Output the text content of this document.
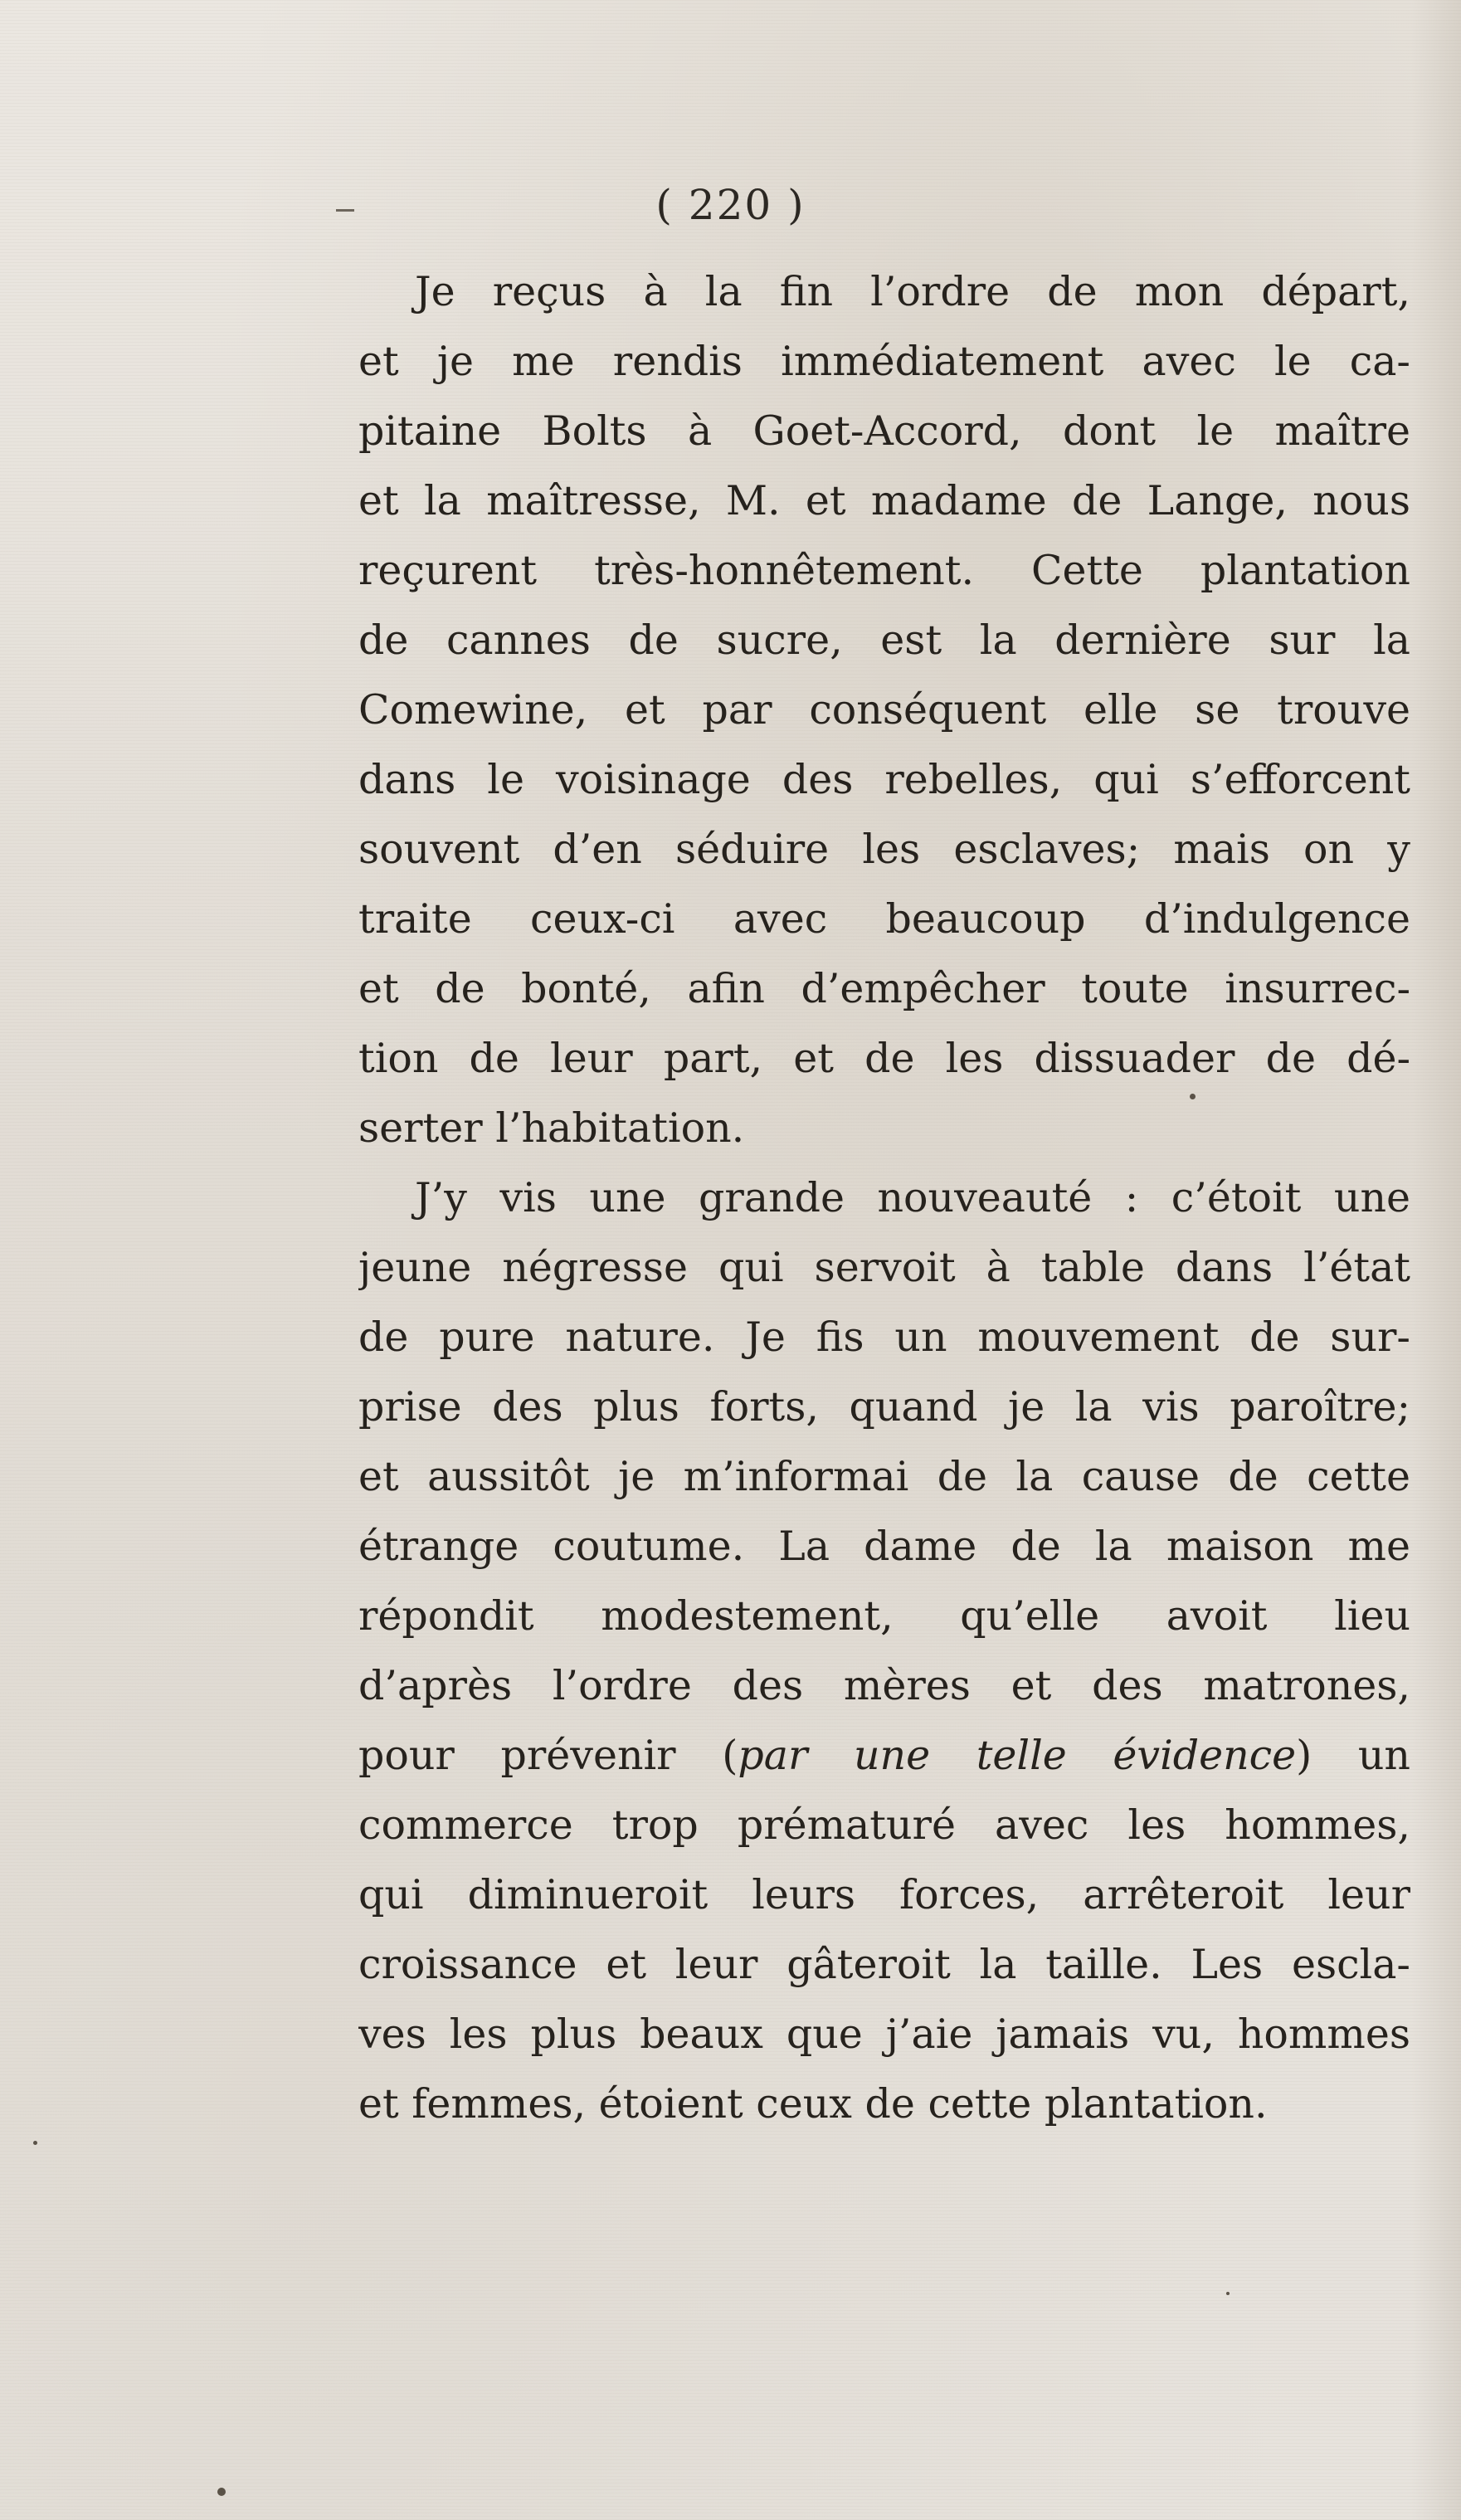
( 220 )
Je reçus à la fin l’ordre de mon départ,
et je me rendis immédiatement avec le ca-
pitaine Bolts à Goet-Accord, dont le maître
et la maîtresse, M. et madame de Lange, nous
reçurent très-honnêtement. Cette plantation
de cannes de sucre, est la dernière sur la
Comewine, et par conséquent elle se trouve
dans le voisinage des rebelles, qui s’efforcent
souvent d’en séduire les esclaves; mais on y
traite ceux-ci avec beaucoup d’indulgence
et de bonté, afin d’empêcher toute insurrec-
tion de leur part, et de les dissuader de dé-
serter l’habitation.
J’y vis une grande nouveauté : c’étoit une
jeune négresse qui servoit à table dans l’état
de pure nature. Je fis un mouvement de sur-
prise des plus forts, quand je la vis paroître;
et aussitôt je m’informai de la cause de cette
étrange coutume. La dame de la maison me
répondit modestement, qu’elle avoit lieu
d’après l’ordre des mères et des matrones,
pour prévenir (par une telle évidence) un
commerce trop prématuré avec les hommes,
qui diminueroit leurs forces, arrêteroit leur
croissance et leur gâteroit la taille. Les escla-
ves les plus beaux que j’aie jamais vu, hommes
et femmes, étoient ceux de cette plantation.
